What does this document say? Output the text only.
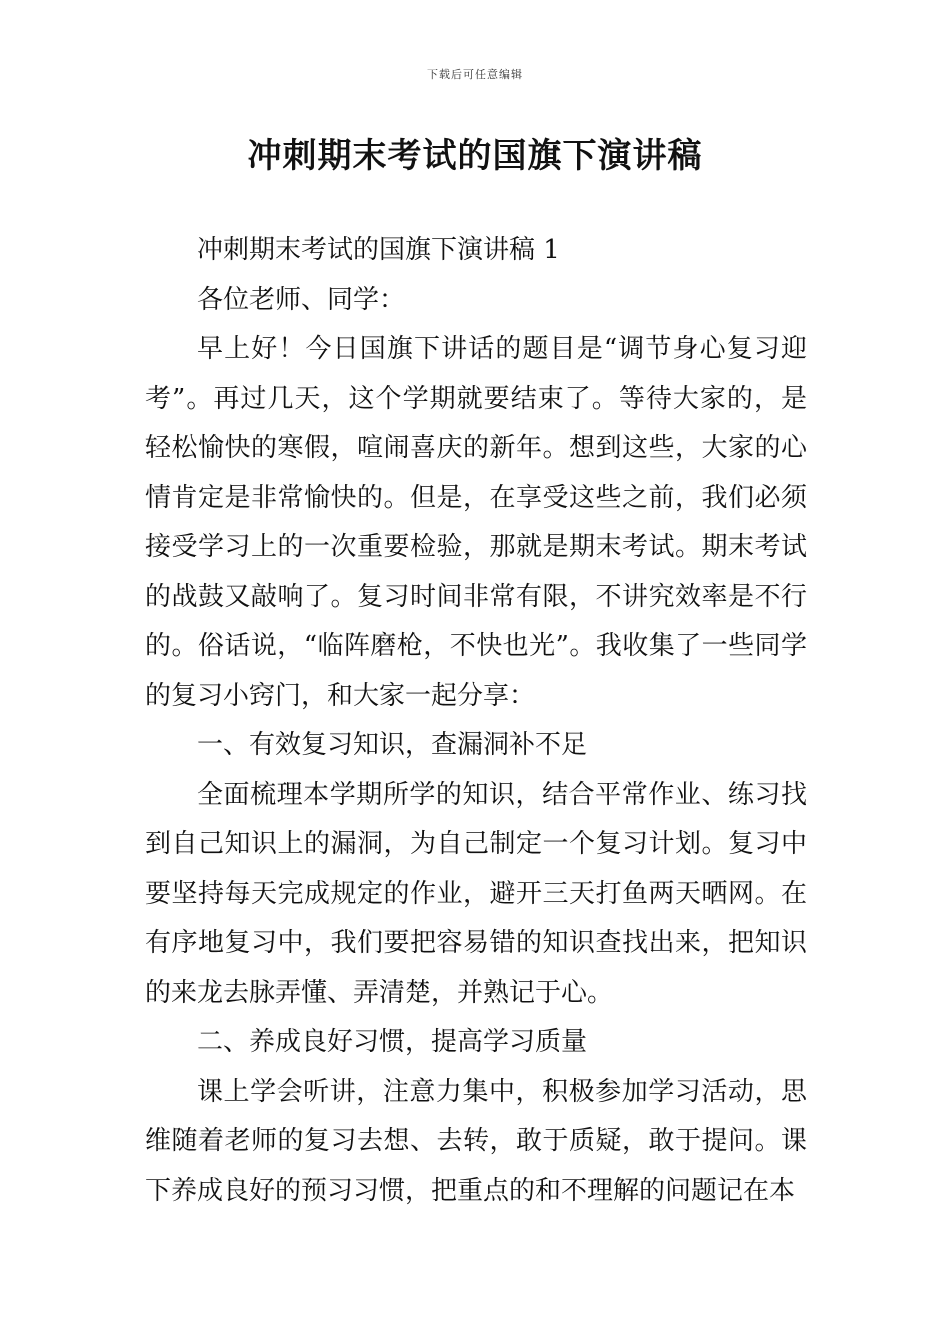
下载后可任意编辑
冲刺期末考试的国旗下演讲稿

冲刺期末考试的国旗下演讲稿 1

各位老师、同学：

早上好！今日国旗下讲话的题目是“调节身心复习迎考”。再过几天，这个学期就要结束了。等待大家的，是轻松愉快的寒假，喧闹喜庆的新年。想到这些，大家的心情肯定是非常愉快的。但是，在享受这些之前，我们必须接受学习上的一次重要检验，那就是期末考试。期末考试的战鼓又敲响了。复习时间非常有限，不讲究效率是不行的。俗话说，“临阵磨枪，不快也光”。我收集了一些同学的复习小窍门，和大家一起分享：

一、有效复习知识，查漏洞补不足

全面梳理本学期所学的知识，结合平常作业、练习找到自己知识上的漏洞，为自己制定一个复习计划。复习中要坚持每天完成规定的作业，避开三天打鱼两天晒网。在有序地复习中，我们要把容易错的知识查找出来，把知识的来龙去脉弄懂、弄清楚，并熟记于心。

二、养成良好习惯，提高学习质量

课上学会听讲，注意力集中，积极参加学习活动，思维随着老师的复习去想、去转，敢于质疑，敢于提问。课下养成良好的预习习惯，把重点的和不理解的问题记在本
